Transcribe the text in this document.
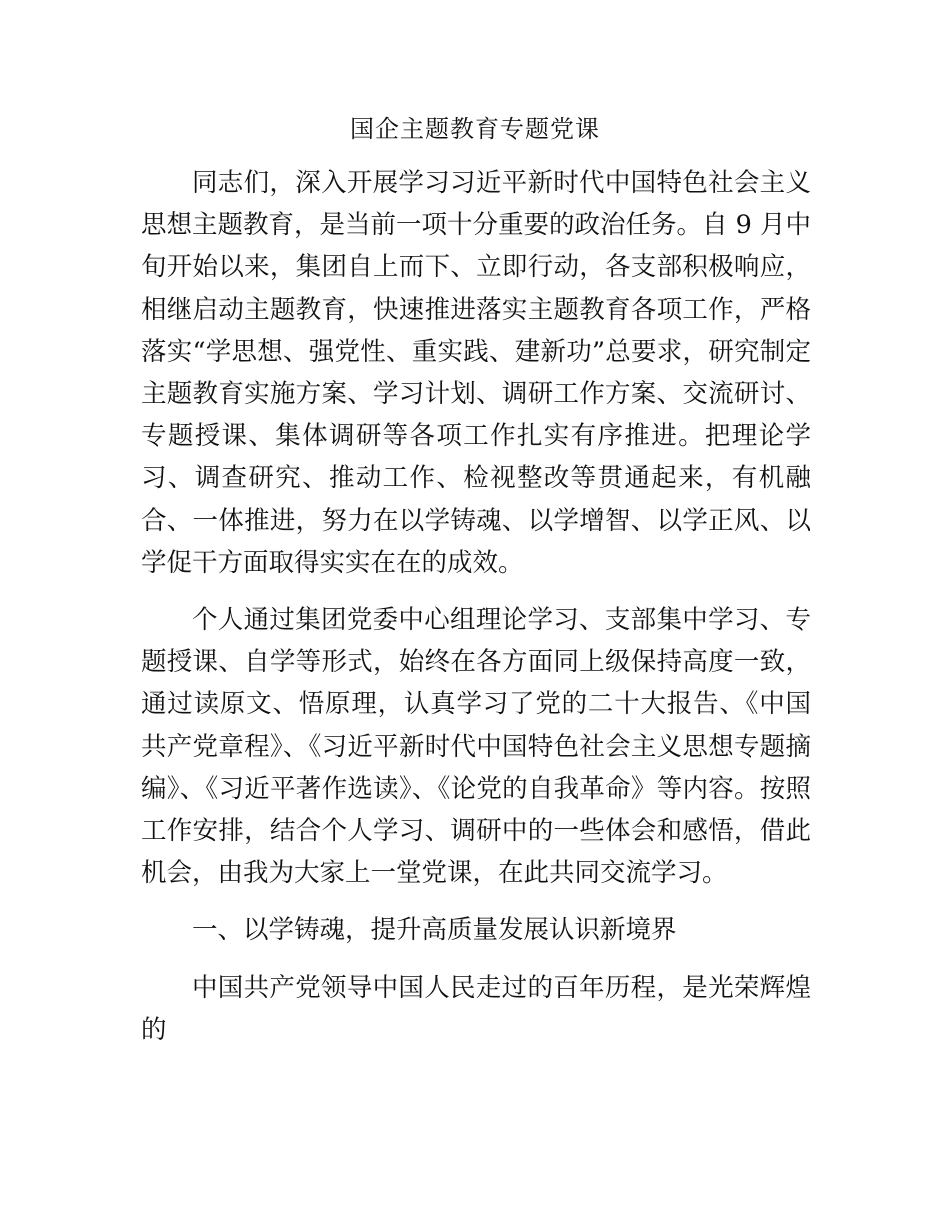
国企主题教育专题党课

同志们，深入开展学习习近平新时代中国特色社会主义思想主题教育，是当前一项十分重要的政治任务。自 9 月中旬开始以来，集团自上而下、立即行动，各支部积极响应，相继启动主题教育，快速推进落实主题教育各项工作，严格落实“学思想、强党性、重实践、建新功”总要求，研究制定主题教育实施方案、学习计划、调研工作方案、交流研讨、专题授课、集体调研等各项工作扎实有序推进。把理论学习、调查研究、推动工作、检视整改等贯通起来，有机融合、一体推进，努力在以学铸魂、以学增智、以学正风、以学促干方面取得实实在在的成效。

个人通过集团党委中心组理论学习、支部集中学习、专题授课、自学等形式，始终在各方面同上级保持高度一致，通过读原文、悟原理，认真学习了党的二十大报告、《中国共产党章程》、《习近平新时代中国特色社会主义思想专题摘编》、《习近平著作选读》、《论党的自我革命》等内容。按照工作安排，结合个人学习、调研中的一些体会和感悟，借此机会，由我为大家上一堂党课，在此共同交流学习。

一、以学铸魂，提升高质量发展认识新境界

中国共产党领导中国人民走过的百年历程，是光荣辉煌的
